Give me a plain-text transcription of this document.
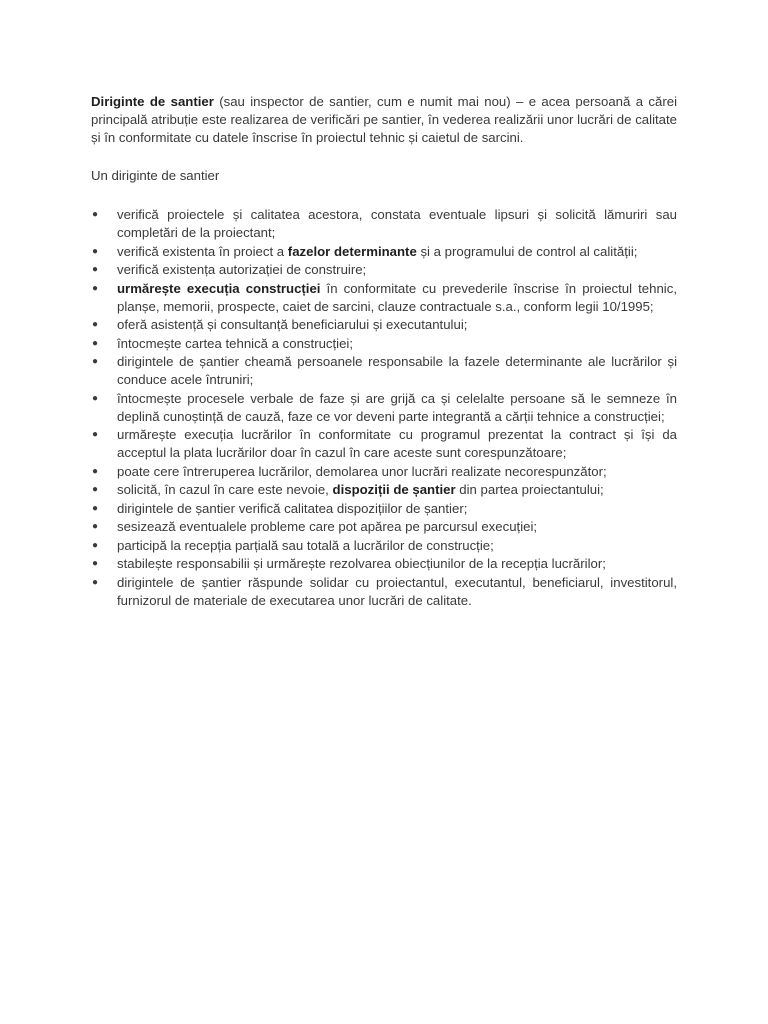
Diriginte de santier (sau inspector de santier, cum e numit mai nou) – e acea persoană a cărei principală atribuție este realizarea de verificări pe santier, în vederea realizării unor lucrări de calitate și în conformitate cu datele înscrise în proiectul tehnic și caietul de sarcini.

Un diriginte de santier

● verifică proiectele și calitatea acestora, constata eventuale lipsuri și solicită lămuriri sau completări de la proiectant;
● verifică existenta în proiect a fazelor determinante și a programului de control al calității;
● verifică existența autorizației de construire;
● urmărește execuția construcției în conformitate cu prevederile înscrise în proiectul tehnic, planșe, memorii, prospecte, caiet de sarcini, clauze contractuale s.a., conform legii 10/1995;
● oferă asistență și consultanță beneficiarului și executantului;
● întocmește cartea tehnică a construcției;
● dirigintele de șantier cheamă persoanele responsabile la fazele determinante ale lucrărilor și conduce acele întruniri;
● întocmește procesele verbale de faze și are grijă ca și celelalte persoane să le semneze în deplină cunoștință de cauză, faze ce vor deveni parte integrantă a cărții tehnice a construcției;
● urmărește execuția lucrărilor în conformitate cu programul prezentat la contract și își da acceptul la plata lucrărilor doar în cazul în care aceste sunt corespunzătoare;
● poate cere întreruperea lucrărilor, demolarea unor lucrări realizate necorespunzător;
● solicită, în cazul în care este nevoie, dispoziții de șantier din partea proiectantului;
● dirigintele de șantier verifică calitatea dispozițiilor de șantier;
● sesizează eventualele probleme care pot apărea pe parcursul execuției;
● participă la recepția parțială sau totală a lucrărilor de construcție;
● stabilește responsabilii și urmărește rezolvarea obiecțiunilor de la recepția lucrărilor;
● dirigintele de șantier răspunde solidar cu proiectantul, executantul, beneficiarul, investitorul, furnizorul de materiale de executarea unor lucrări de calitate.
